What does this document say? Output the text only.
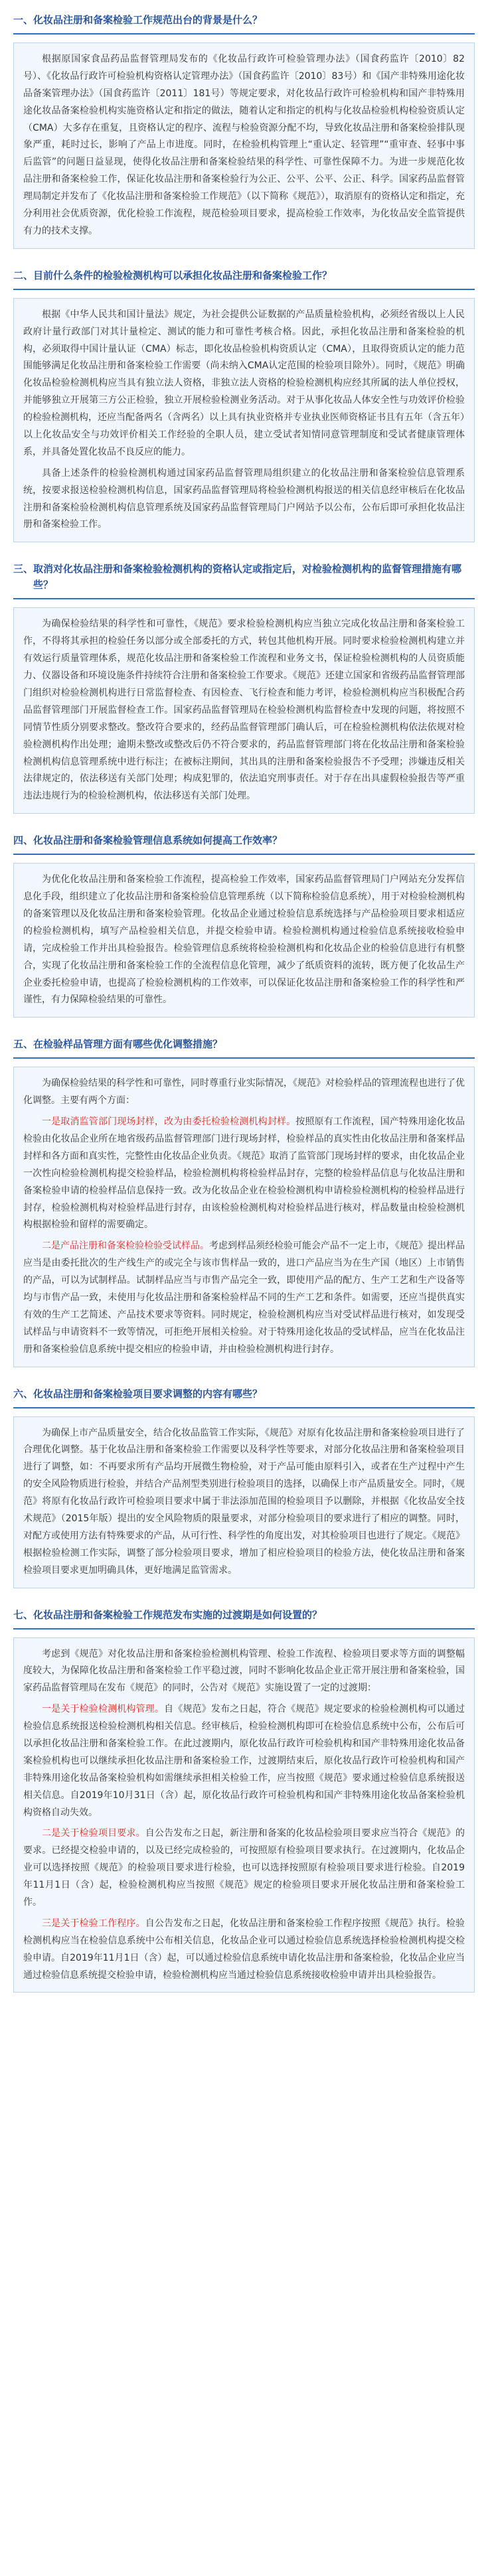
一、 化妆品注册和备案检验工作规范出台的背景是什么？

根据原国家食品药品监督管理局发布的《化妆品行政许可检验管理办法》（国食药监许〔2010〕82号）、《化妆品行政许可检验机构资格认定管理办法》（国食药监许〔2010〕83号）和《国产非特殊用途化妆品备案管理办法》（国食药监许〔2011〕181号）等规定要求，对化妆品行政许可检验机构和国产非特殊用途化妆品备案检验机构实施资格认定和指定的做法，随着认定和指定的机构与化妆品检验机构检验资质认定（CMA）大多存在重复，且资格认定的程序、流程与检验资源分配不均，导致化妆品注册和备案检验排队现象严重，耗时过长，影响了产品上市进度。同时，在检验机构管理上“重认定、轻管理”“重审查、轻事中事后监管”的问题日益显现，使得化妆品注册和备案检验结果的科学性、可靠性保障不力。为进一步规范化妆品注册和备案检验工作，保证化妆品注册和备案检验行为公正、公平、公平、公正、科学。国家药品监督管理局制定并发布了《化妆品注册和备案检验工作规范》（以下简称《规范》），取消原有的资格认定和指定，充分利用社会优质资源，优化检验工作流程，规范检验项目要求，提高检验工作效率，为化妆品安全监管提供有力的技术支撑。

二、 目前什么条件的检验检测机构可以承担化妆品注册和备案检验工作？

根据《中华人民共和国计量法》规定，为社会提供公证数据的产品质量检验机构，必须经省级以上人民政府计量行政部门对其计量检定、测试的能力和可靠性考核合格。因此，承担化妆品注册和备案检验的机构，必须取得中国计量认证（CMA）标志，即化妆品检验机构资质认定（CMA），且取得资质认定的能力范围能够满足化妆品注册和备案检验工作需要（尚未纳入CMA认定范围的检验项目除外）。同时，《规范》明确化妆品检验检测机构应当具有独立法人资格，非独立法人资格的检验检测机构应经其所属的法人单位授权，并能够独立开展第三方公正检验，独立开展检验检测业务活动。对于从事化妆品人体安全性与功效评价检验的检验检测机构，还应当配备两名（含两名）以上具有执业资格并专业执业医师资格证书且有五年（含五年）以上化妆品安全与功效评价相关工作经验的全职人员，建立受试者知情同意管理制度和受试者健康管理体系，并具备处置化妆品不良反应的能力。

具备上述条件的检验检测机构通过国家药品监督管理局组织建立的化妆品注册和备案检验信息管理系统，按要求报送检验检测机构信息，国家药品监督管理局将检验检测机构报送的相关信息经审核后在化妆品注册和备案检验检测机构信息管理系统及国家药品监督管理局门户网站予以公布，公布后即可承担化妆品注册和备案检验工作。

三、 取消对化妆品注册和备案检验检测机构的资格认定或指定后，对检验检测机构的监督管理措施有哪些？

为确保检验结果的科学性和可靠性，《规范》要求检验检测机构应当独立完成化妆品注册和备案检验工作，不得将其承担的检验任务以部分或全部委托的方式，转包其他机构开展。同时要求检验检测机构建立并有效运行质量管理体系，规范化妆品注册和备案检验工作流程和业务文书，保证检验检测机构的人员资质能力、仪器设备和环境设施条件持续符合注册和备案检验工作要求。《规范》还建立国家和省级药品监督管理部门组织对检验检测机构进行日常监督检查、有因检查、飞行检查和能力考评，检验检测机构应当积极配合药品监督管理部门开展监督检查工作。国家药品监督管理局在检验检测机构监督检查中发现的问题，将按照不同情节性质分别要求整改。整改符合要求的，经药品监督管理部门确认后，可在检验检测机构依法依规对检验检测机构作出处理；逾期未整改或整改后仍不符合要求的，药品监督管理部门将在化妆品注册和备案检验检测机构信息管理系统中进行标注；在被标注期间，其出具的注册和备案检验报告不予受理；涉嫌违反相关法律规定的，依法移送有关部门处理；构成犯罪的，依法追究刑事责任。对于存在出具虚假检验报告等严重违法违规行为的检验检测机构，依法移送有关部门处理。

四、 化妆品注册和备案检验管理信息系统如何提高工作效率？

为优化化妆品注册和备案检验工作流程，提高检验工作效率，国家药品监督管理局门户网站充分发挥信息化手段，组织建立了化妆品注册和备案检验信息管理系统（以下简称检验信息系统），用于对检验检测机构的备案管理以及化妆品注册和备案检验管理。化妆品企业通过检验信息系统选择与产品检验项目要求相适应的检验检测机构，填写产品检验相关信息，并提交检验申请。检验检测机构通过检验信息系统接收检验申请，完成检验工作并出具检验报告。检验管理信息系统将检验检测机构和化妆品企业的检验信息进行有机整合，实现了化妆品注册和备案检验工作的全流程信息化管理，减少了纸质资料的流转，既方便了化妆品生产企业委托检验申请，也提高了检验检测机构的工作效率，可以保证化妆品注册和备案检验工作的科学性和严谨性，有力保障检验结果的可靠性。

五、 在检验样品管理方面有哪些优化调整措施？

为确保检验结果的科学性和可靠性，同时尊重行业实际情况，《规范》对检验样品的管理流程也进行了优化调整。主要有两个方面：

一是取消监管部门现场封样，改为由委托检验检测机构封样。按照原有工作流程，国产特殊用途化妆品检验由化妆品企业所在地省级药品监督管理部门进行现场封样，检验样品的真实性由化妆品注册和备案样品封样和各方面和真实性，完整性由化妆品企业负责。《规范》取消了监管部门现场封样的要求，由化妆品企业一次性向检验检测机构提交检验样品，检验检测机构将检验样品封存，完整的检验样品信息与化妆品注册和备案检验申请的检验样品信息保持一致。改为化妆品企业在检验检测机构申请检验检测机构的检验样品进行封存，检验检测机构对检验样品进行封存，由该检验检测机构对检验样品进行核对，样品数量由检验检测机构根据检验和留样的需要确定。

二是产品注册和备案检验检验受试样品。考虑到样品须经检验可能会产品不一定上市，《规范》提出样品应当是由委托批次的生产线生产的或完全与该市售样品一致的，进口产品应当为在生产国（地区）上市销售的产品，可以为试制样品。试制样品应当与市售产品完全一致，即使用产品的配方、生产工艺和生产设备等均与市售产品一致，未使用与化妆品注册和备案检验样品不同的生产工艺和条件。如需要，还应当提供真实有效的生产工艺简述、产品技术要求等资料。同时规定，检验检测机构应当对受试样品进行核对，如发现受试样品与申请资料不一致等情况，可拒绝开展相关检验。对于特殊用途化妆品的受试样品，应当在化妆品注册和备案检验信息系统中提交相应的检验申请，并由检验检测机构进行封存。

六、 化妆品注册和备案检验项目要求调整的内容有哪些？

为确保上市产品质量安全，结合化妆品监管工作实际，《规范》对原有化妆品注册和备案检验项目进行了合理优化调整。基于化妆品注册和备案检验工作需要以及科学性等要求，对部分化妆品注册和备案检验项目进行了调整，如：不再要求所有产品均开展微生物检验，对于产品可能由原料引入，或者在生产过程中产生的安全风险物质进行检验，并结合产品剂型类别进行检验项目的选择，以确保上市产品质量安全。同时，《规范》将原有化妆品行政许可检验项目要求中属于非法添加范围的检验项目予以删除，并根据《化妆品安全技术规范》（2015年版）提出的安全风险物质的限量要求，对部分检验项目的要求进行了相应的调整。同时，对配方或使用方法有特殊要求的产品，从可行性、科学性的角度出发，对其检验项目也进行了规定。《规范》根据检验检测工作实际，调整了部分检验项目要求，增加了相应检验项目的检验方法，使化妆品注册和备案检验项目要求更加明确具体，更好地满足监管需求。

七、 化妆品注册和备案检验工作规范发布实施的过渡期是如何设置的？

考虑到《规范》对化妆品注册和备案检验检测机构管理、检验工作流程、检验项目要求等方面的调整幅度较大，为保障化妆品注册和备案检验工作平稳过渡，同时不影响化妆品企业正常开展注册和备案检验，国家药品监督管理局在发布《规范》的同时，公告对《规范》实施设置了一定的过渡期：

一是关于检验检测机构管理。自《规范》发布之日起，符合《规范》规定要求的检验检测机构可以通过检验信息系统报送检验检测机构相关信息。经审核后，检验检测机构即可在检验信息系统中公布，公布后可以承担化妆品注册和备案检验工作。在此过渡期内，原化妆品行政许可检验机构和国产非特殊用途化妆品备案检验机构也可以继续承担化妆品注册和备案检验工作，过渡期结束后，原化妆品行政许可检验机构和国产非特殊用途化妆品备案检验机构如需继续承担相关检验工作，应当按照《规范》要求通过检验信息系统报送相关信息。自2019年10月31日（含）起，原化妆品行政许可检验机构和国产非特殊用途化妆品备案检验机构资格自动失效。

二是关于检验项目要求。自公告发布之日起，新注册和备案的化妆品检验项目要求应当符合《规范》的要求。已经提交检验申请的，以及已经完成检验的，可按照原有检验项目要求执行。在过渡期内，化妆品企业可以选择按照《规范》的检验项目要求进行检验，也可以选择按照原有检验项目要求进行检验。自2019年11月1日（含）起，检验检测机构应当按照《规范》规定的检验项目要求开展化妆品注册和备案检验工作。

三是关于检验工作程序。自公告发布之日起，化妆品注册和备案检验工作程序按照《规范》执行。检验检测机构应当在检验信息系统中公布相关信息，化妆品企业可以通过检验信息系统选择检验检测机构提交检验申请。自2019年11月1日（含）起，可以通过检验信息系统申请化妆品注册和备案检验，化妆品企业应当通过检验信息系统提交检验申请，检验检测机构应当通过检验信息系统接收检验申请并出具检验报告。
